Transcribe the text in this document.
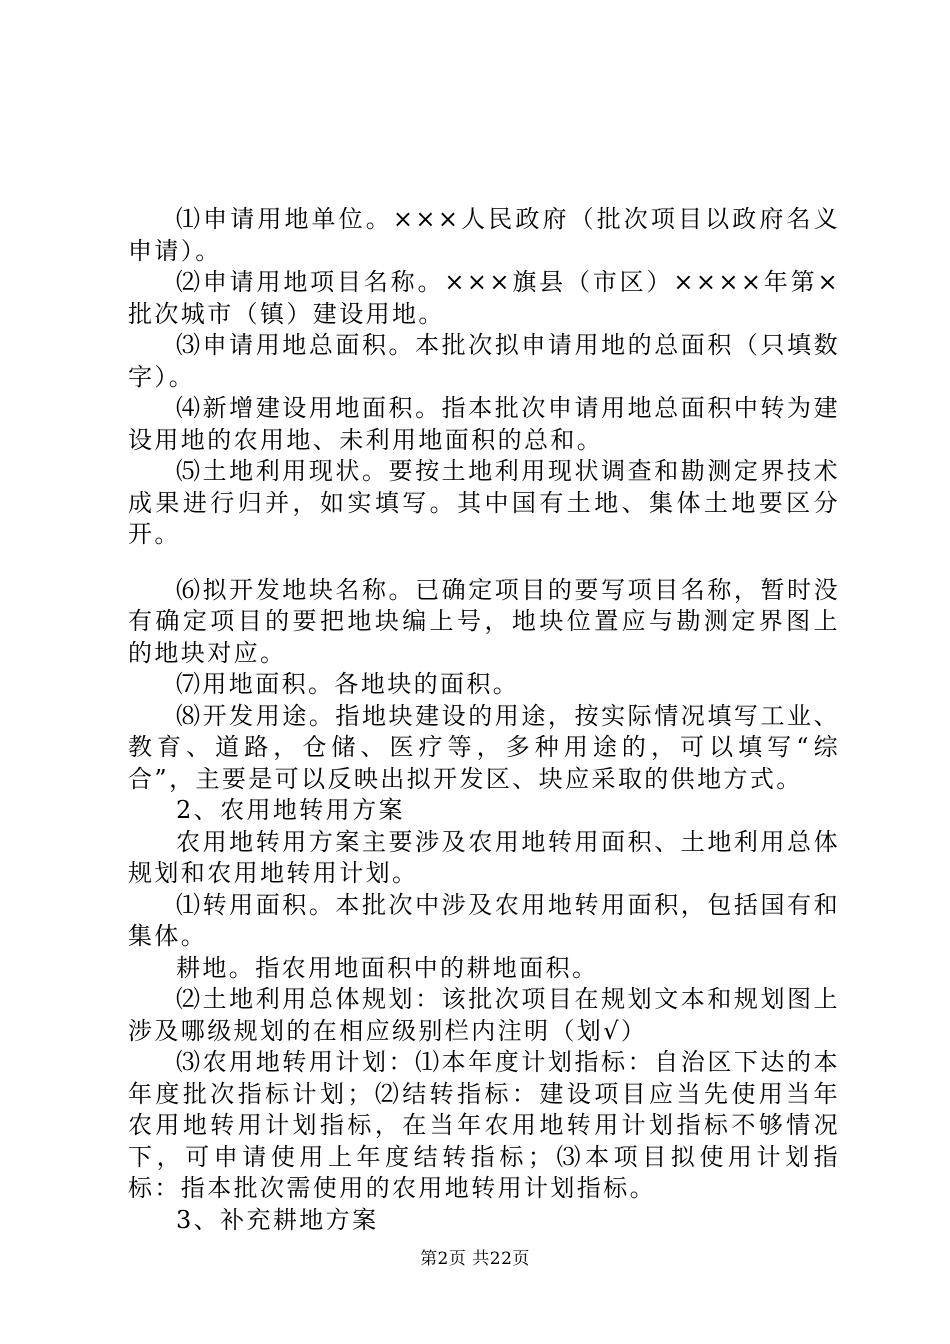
⑴申请用地单位。×××人民政府（批次项目以政府名义申请）。

⑵申请用地项目名称。×××旗县（市区）××××年第×批次城市（镇）建设用地。

⑶申请用地总面积。本批次拟申请用地的总面积（只填数字）。

⑷新增建设用地面积。指本批次申请用地总面积中转为建设用地的农用地、未利用地面积的总和。

⑸土地利用现状。要按土地利用现状调查和勘测定界技术成果进行归并，如实填写。其中国有土地、集体土地要区分开。

⑹拟开发地块名称。已确定项目的要写项目名称，暂时没有确定项目的要把地块编上号，地块位置应与勘测定界图上的地块对应。

⑺用地面积。各地块的面积。

⑻开发用途。指地块建设的用途，按实际情况填写工业、教育、道路，仓储、医疗等，多种用途的，可以填写“综合”，主要是可以反映出拟开发区、块应采取的供地方式。

2、农用地转用方案

农用地转用方案主要涉及农用地转用面积、土地利用总体规划和农用地转用计划。

⑴转用面积。本批次中涉及农用地转用面积，包括国有和集体。

耕地。指农用地面积中的耕地面积。

⑵土地利用总体规划：该批次项目在规划文本和规划图上涉及哪级规划的在相应级别栏内注明（划√）

⑶农用地转用计划：⑴本年度计划指标：自治区下达的本年度批次指标计划；⑵结转指标：建设项目应当先使用当年农用地转用计划指标，在当年农用地转用计划指标不够情况下，可申请使用上年度结转指标；⑶本项目拟使用计划指标：指本批次需使用的农用地转用计划指标。

3、补充耕地方案

第2页 共22页
